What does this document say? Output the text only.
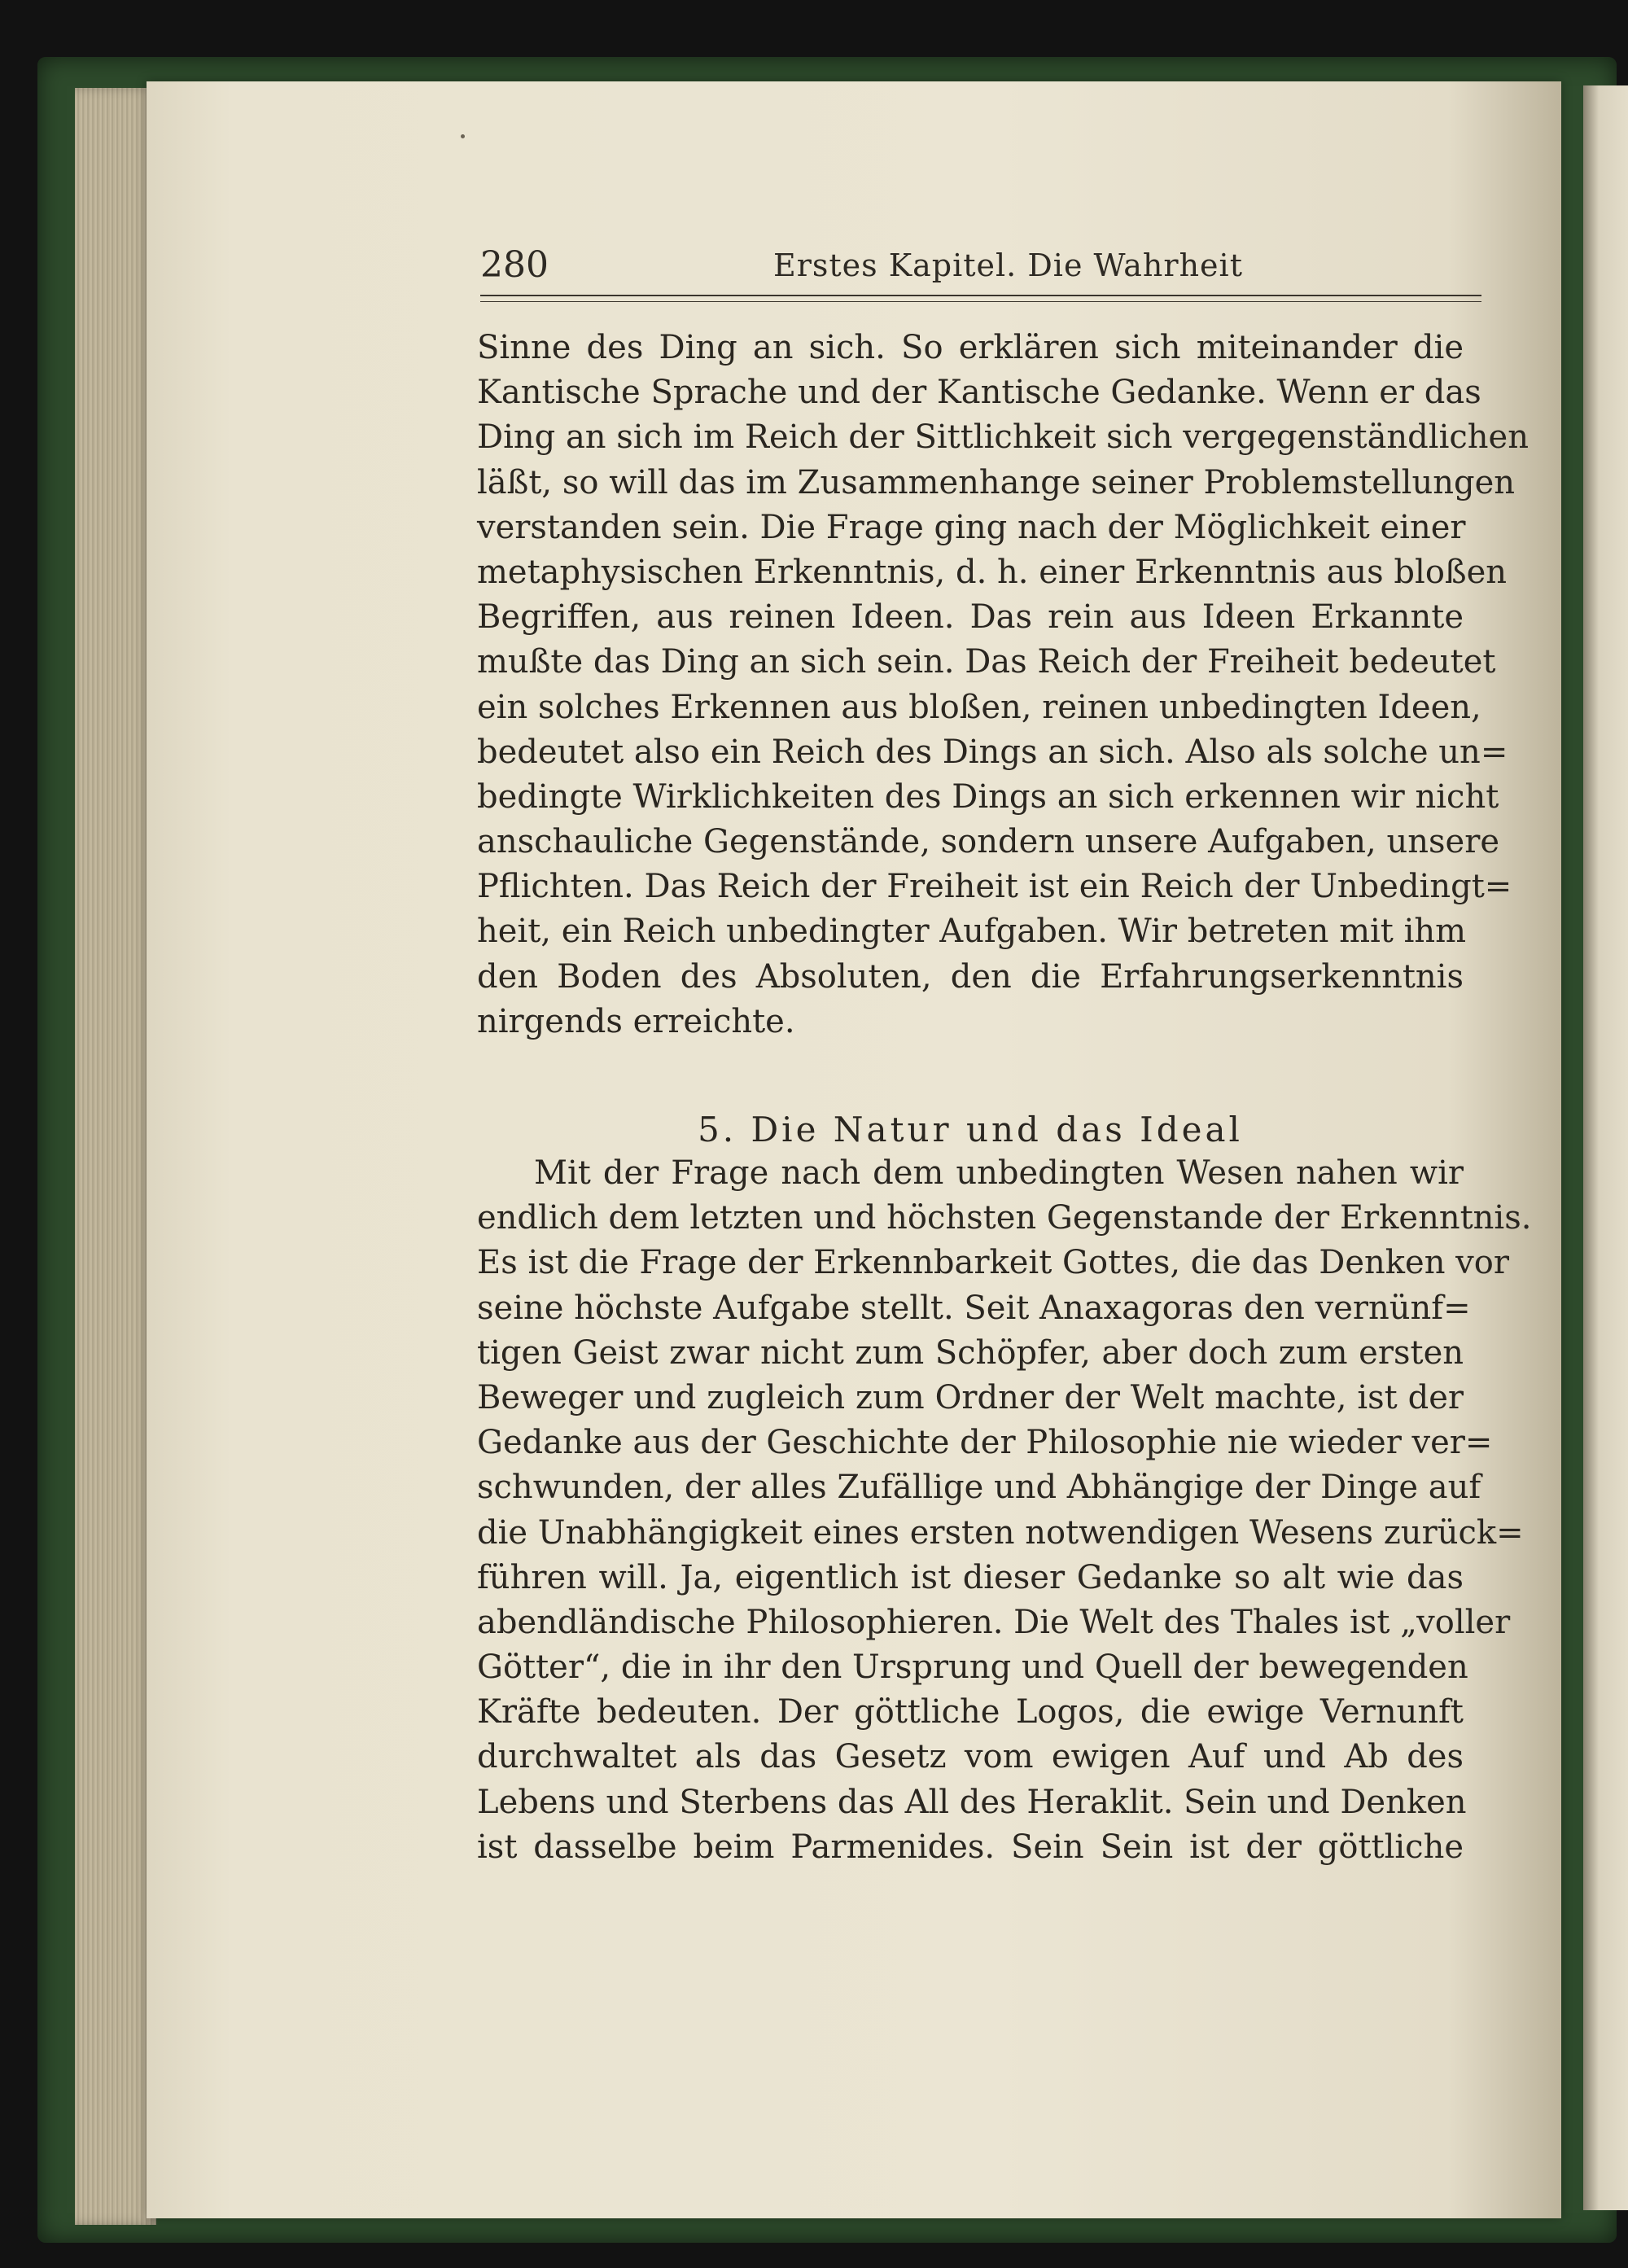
280	Erstes Kapitel. Die Wahrheit
Sinne des Ding an sich. So erklären sich miteinander die
Kantische Sprache und der Kantische Gedanke. Wenn er das
Ding an sich im Reich der Sittlichkeit sich vergegenständlichen
läßt, so will das im Zusammenhange seiner Problemstellungen
verstanden sein. Die Frage ging nach der Möglichkeit einer
metaphysischen Erkenntnis, d. h. einer Erkenntnis aus bloßen
Begriffen, aus reinen Ideen. Das rein aus Ideen Erkannte
mußte das Ding an sich sein. Das Reich der Freiheit bedeutet
ein solches Erkennen aus bloßen, reinen unbedingten Ideen,
bedeutet also ein Reich des Dings an sich. Also als solche un=
bedingte Wirklichkeiten des Dings an sich erkennen wir nicht
anschauliche Gegenstände, sondern unsere Aufgaben, unsere
Pflichten. Das Reich der Freiheit ist ein Reich der Unbedingt=
heit, ein Reich unbedingter Aufgaben. Wir betreten mit ihm
den Boden des Absoluten, den die Erfahrungserkenntnis
nirgends erreichte.
5. Die Natur und das Ideal
Mit der Frage nach dem unbedingten Wesen nahen wir
endlich dem letzten und höchsten Gegenstande der Erkenntnis.
Es ist die Frage der Erkennbarkeit Gottes, die das Denken vor
seine höchste Aufgabe stellt. Seit Anaxagoras den vernünf=
tigen Geist zwar nicht zum Schöpfer, aber doch zum ersten
Beweger und zugleich zum Ordner der Welt machte, ist der
Gedanke aus der Geschichte der Philosophie nie wieder ver=
schwunden, der alles Zufällige und Abhängige der Dinge auf
die Unabhängigkeit eines ersten notwendigen Wesens zurück=
führen will. Ja, eigentlich ist dieser Gedanke so alt wie das
abendländische Philosophieren. Die Welt des Thales ist „voller
Götter“, die in ihr den Ursprung und Quell der bewegenden
Kräfte bedeuten. Der göttliche Logos, die ewige Vernunft
durchwaltet als das Gesetz vom ewigen Auf und Ab des
Lebens und Sterbens das All des Heraklit. Sein und Denken
ist dasselbe beim Parmenides. Sein Sein ist der göttliche
